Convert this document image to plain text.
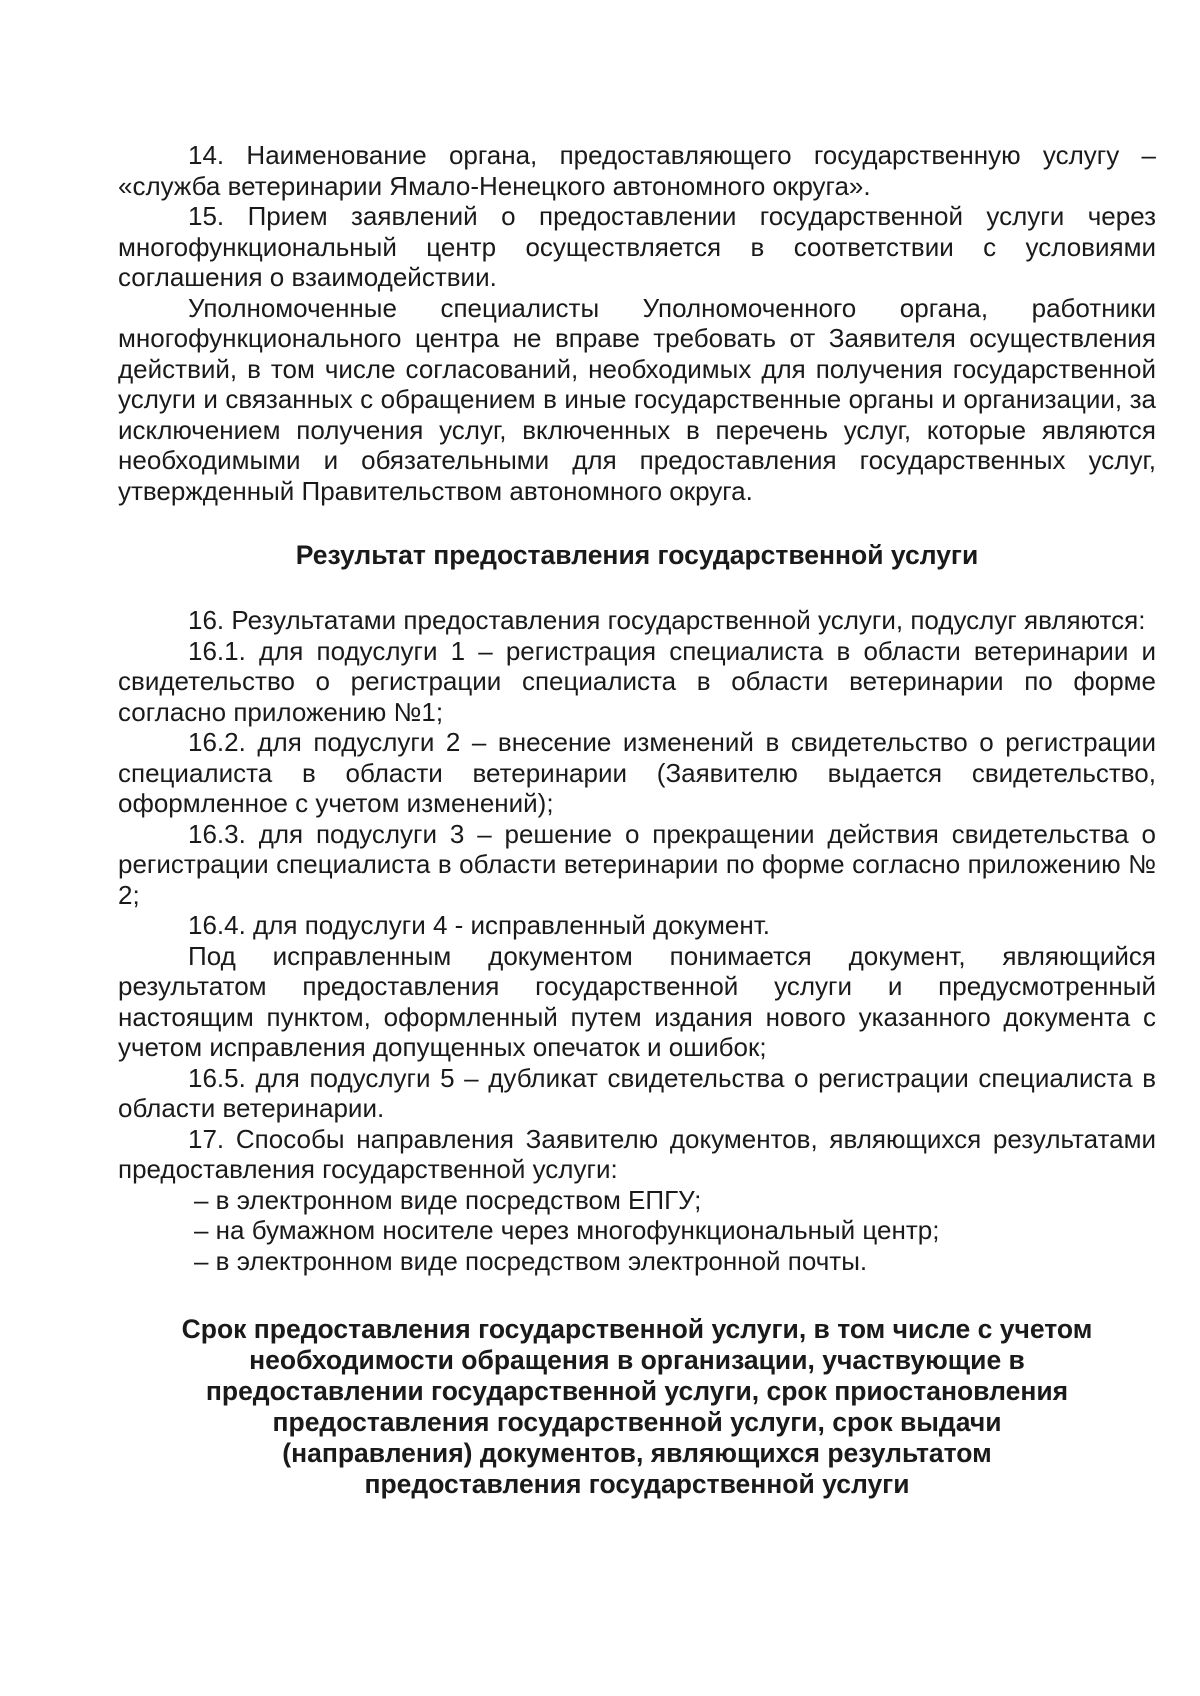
14. Наименование органа, предоставляющего государственную услугу – «служба ветеринарии Ямало-Ненецкого автономного округа».

15. Прием заявлений о предоставлении государственной услуги через многофункциональный центр осуществляется в соответствии с условиями соглашения о взаимодействии.

Уполномоченные специалисты Уполномоченного органа, работники многофункционального центра не вправе требовать от Заявителя осуществления действий, в том числе согласований, необходимых для получения государственной услуги и связанных с обращением в иные государственные органы и организации, за исключением получения услуг, включенных в перечень услуг, которые являются необходимыми и обязательными для предоставления государственных услуг, утвержденный Правительством автономного округа.

Результат предоставления государственной услуги

16. Результатами предоставления государственной услуги, подуслуг являются:

16.1. для подуслуги 1 – регистрация специалиста в области ветеринарии и свидетельство о регистрации специалиста в области ветеринарии по форме согласно приложению №1;

16.2. для подуслуги 2 – внесение изменений в свидетельство о регистрации специалиста в области ветеринарии (Заявителю выдается свидетельство, оформленное с учетом изменений);

16.3. для подуслуги 3 – решение о прекращении действия свидетельства о регистрации специалиста в области ветеринарии по форме согласно приложению № 2;

16.4. для подуслуги 4 - исправленный документ.

Под исправленным документом понимается документ, являющийся результатом предоставления государственной услуги и предусмотренный настоящим пунктом, оформленный путем издания нового указанного документа с учетом исправления допущенных опечаток и ошибок;

16.5. для подуслуги 5 – дубликат свидетельства о регистрации специалиста в области ветеринарии.

17. Способы направления Заявителю документов, являющихся результатами предоставления государственной услуги:

– в электронном виде посредством ЕПГУ;

– на бумажном носителе через многофункциональный центр;

– в электронном виде посредством электронной почты.

Срок предоставления государственной услуги, в том числе с учетом необходимости обращения в организации, участвующие в предоставлении государственной услуги, срок приостановления предоставления государственной услуги, срок выдачи (направления) документов, являющихся результатом предоставления государственной услуги
